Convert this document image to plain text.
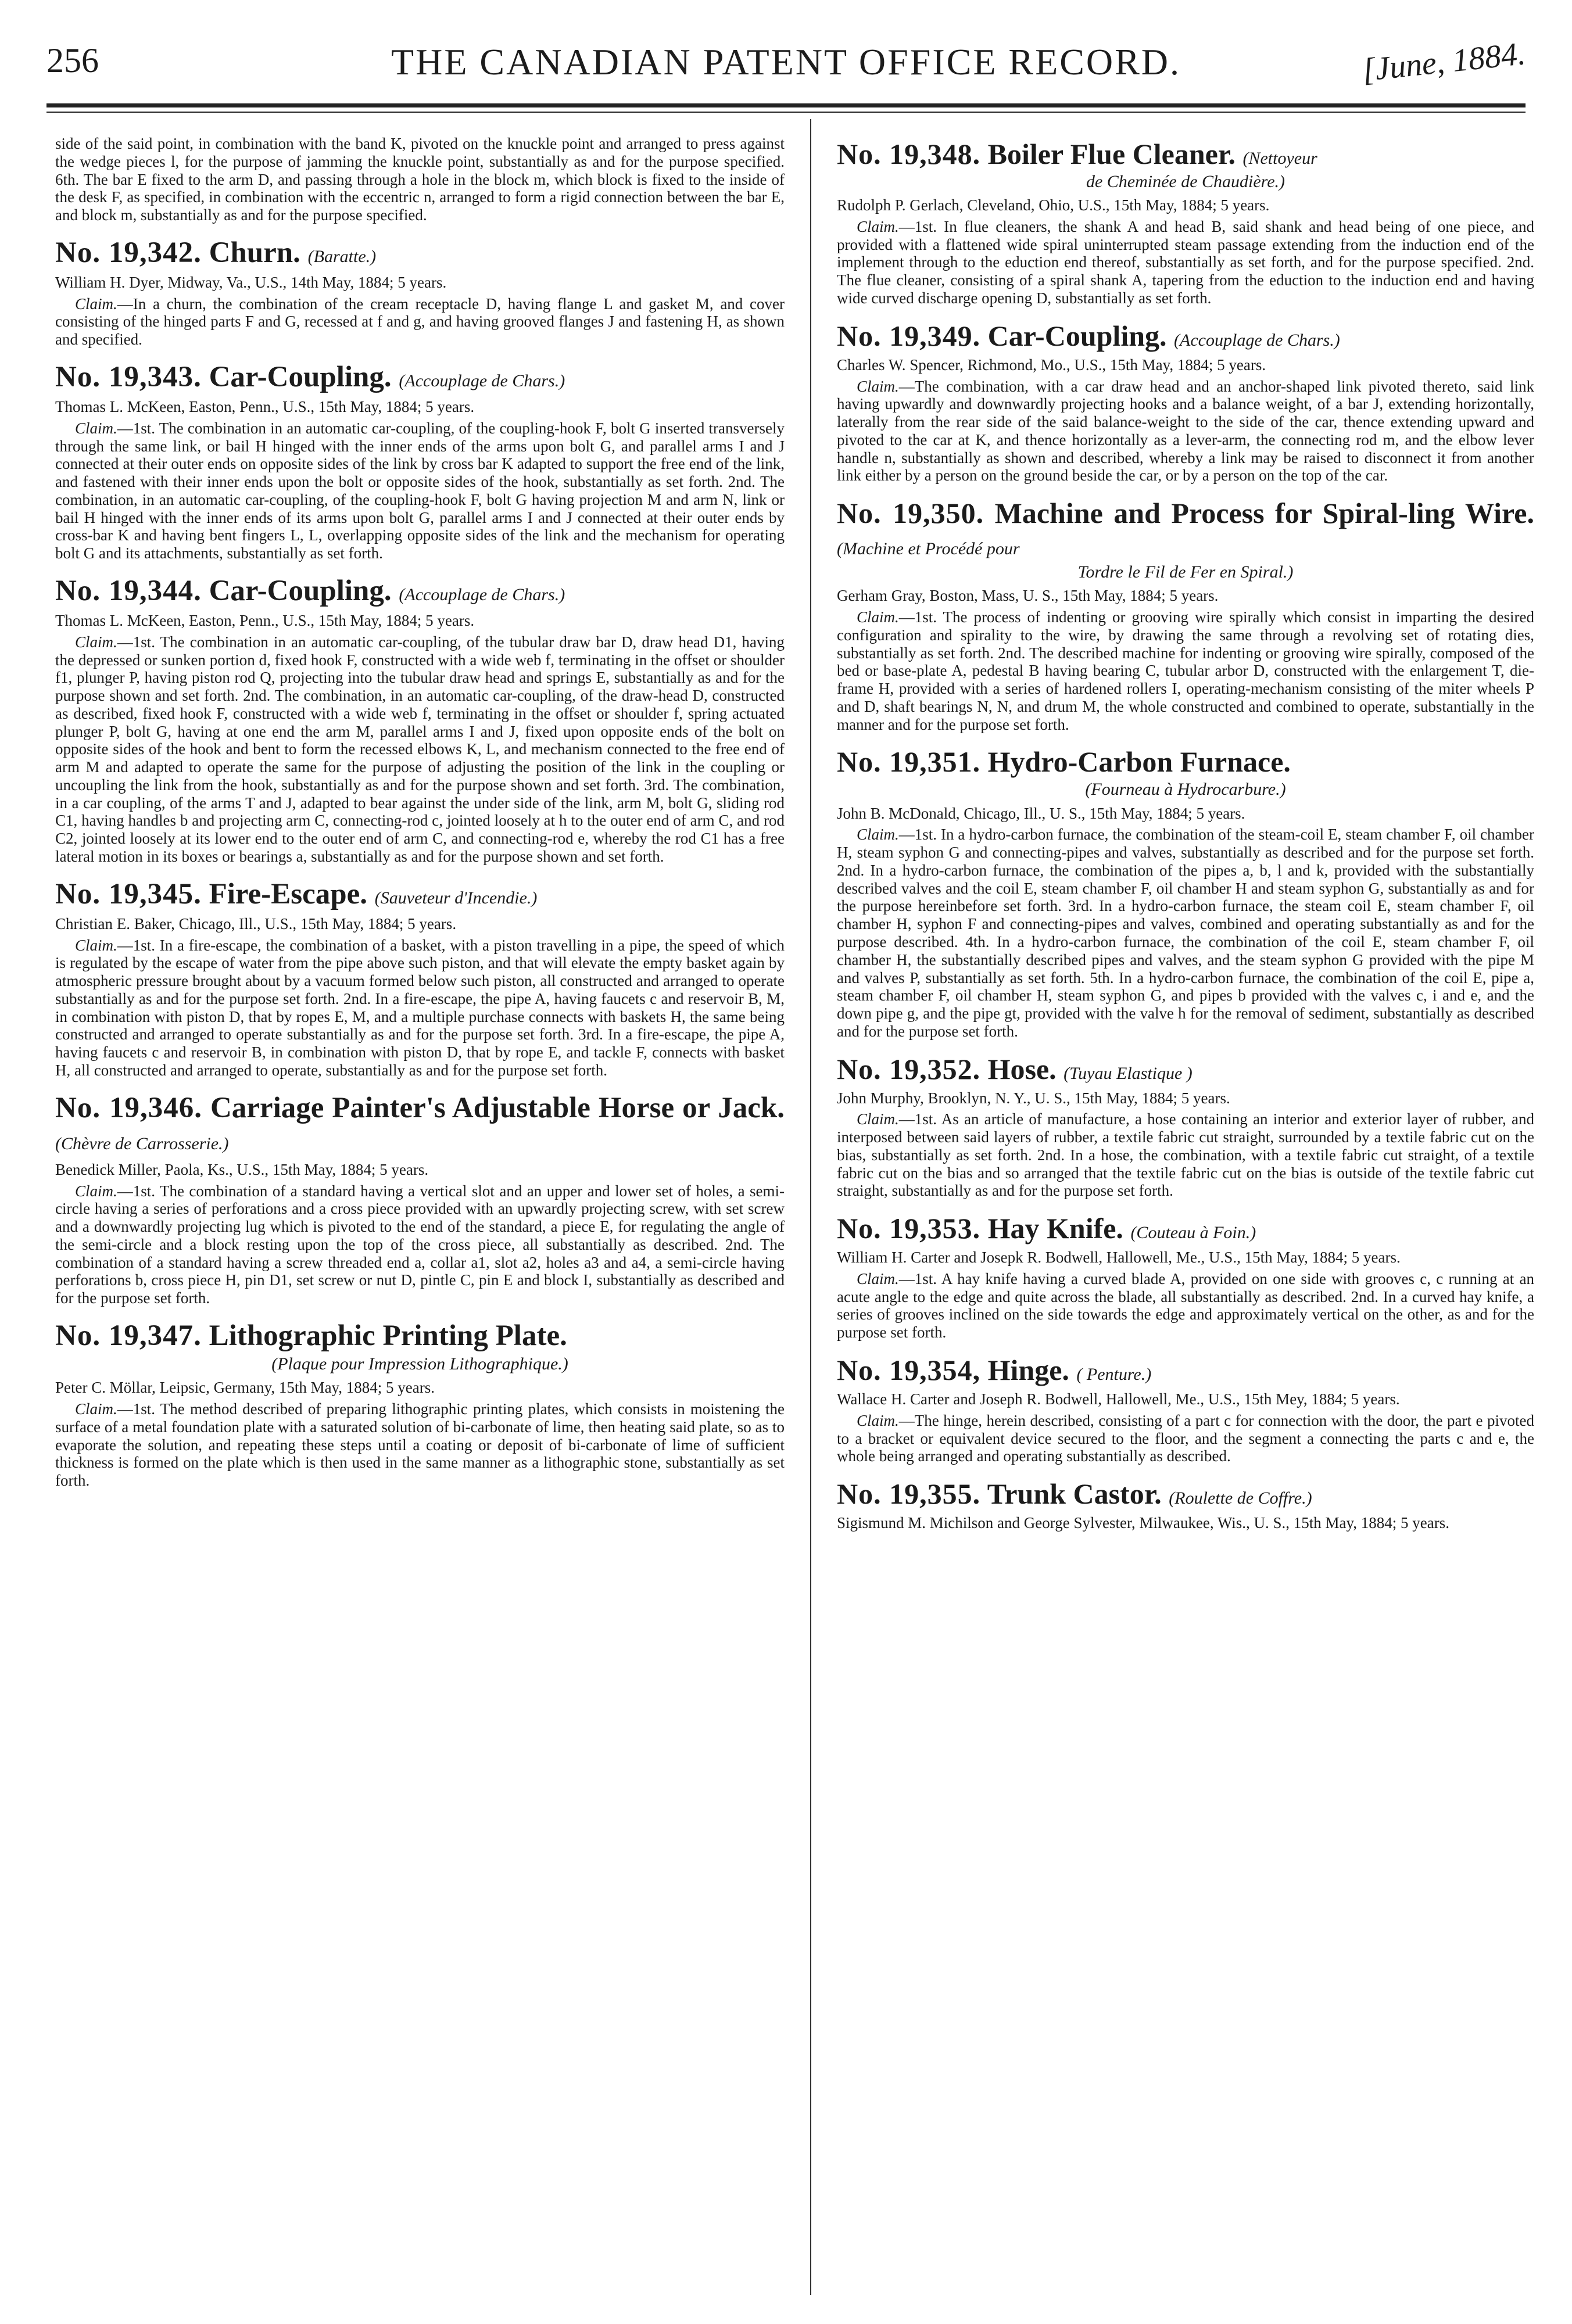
256	THE CANADIAN PATENT OFFICE RECORD.	[June, 1884.

side of the said point, in combination with the band K, pivoted on the knuckle point and arranged to press against the wedge pieces l, for the purpose of jamming the knuckle point, substantially as and for the purpose specified. 6th. The bar E fixed to the arm D, and passing through a hole in the block m, which block is fixed to the inside of the desk F, as specified, in combination with the eccentric n, arranged to form a rigid connection between the bar E, and block m, substantially as and for the purpose specified.

No. 19,342. Churn. (Baratte.)

William H. Dyer, Midway, Va., U.S., 14th May, 1884; 5 years.

Claim.—In a churn, the combination of the cream receptacle D, having flange L and gasket M, and cover consisting of the hinged parts F and G, recessed at f and g, and having grooved flanges J and fastening H, as shown and specified.

No. 19,343. Car-Coupling. (Accouplage de Chars.)

Thomas L. McKeen, Easton, Penn., U.S., 15th May, 1884; 5 years.

Claim.—1st. The combination in an automatic car-coupling, of the coupling-hook F, bolt G inserted transversely through the same link, or bail H hinged with the inner ends of the arms upon bolt G, and parallel arms I and J connected at their outer ends on opposite sides of the link by cross bar K adapted to support the free end of the link, and fastened with their inner ends upon the bolt or opposite sides of the hook, substantially as set forth. 2nd. The combination, in an automatic car-coupling, of the coupling-hook F, bolt G having projection M and arm N, link or bail H hinged with the inner ends of its arms upon bolt G, parallel arms I and J connected at their outer ends by cross-bar K and having bent fingers L, L, overlapping opposite sides of the link and the mechanism for operating bolt G and its attachments, substantially as set forth.

No. 19,344. Car-Coupling. (Accouplage de Chars.)

Thomas L. McKeen, Easton, Penn., U.S., 15th May, 1884; 5 years.

Claim.—1st. The combination in an automatic car-coupling, of the tubular draw bar D, draw head D1, having the depressed or sunken portion d, fixed hook F, constructed with a wide web f, terminating in the offset or shoulder f1, plunger P, having piston rod Q, projecting into the tubular draw head and springs E, substantially as and for the purpose shown and set forth. 2nd. The combination, in an automatic car-coupling, of the draw-head D, constructed as described, fixed hook F, constructed with a wide web f, terminating in the offset or shoulder f, spring actuated plunger P, bolt G, having at one end the arm M, parallel arms I and J, fixed upon opposite ends of the bolt on opposite sides of the hook and bent to form the recessed elbows K, L, and mechanism connected to the free end of arm M and adapted to operate the same for the purpose of adjusting the position of the link in the coupling or uncoupling the link from the hook, substantially as and for the purpose shown and set forth. 3rd. The combination, in a car coupling, of the arms T and J, adapted to bear against the under side of the link, arm M, bolt G, sliding rod C1, having handles b and projecting arm C, connecting-rod c, jointed loosely at h to the outer end of arm C, and rod C2, jointed loosely at its lower end to the outer end of arm C, and connecting-rod e, whereby the rod C1 has a free lateral motion in its boxes or bearings a, substantially as and for the purpose shown and set forth.

No. 19,345. Fire-Escape. (Sauveteur d'Incendie.)

Christian E. Baker, Chicago, Ill., U.S., 15th May, 1884; 5 years.

Claim.—1st. In a fire-escape, the combination of a basket, with a piston travelling in a pipe, the speed of which is regulated by the escape of water from the pipe above such piston, and that will elevate the empty basket again by atmospheric pressure brought about by a vacuum formed below such piston, all constructed and arranged to operate substantially as and for the purpose set forth. 2nd. In a fire-escape, the pipe A, having faucets c and reservoir B, M, in combination with piston D, that by ropes E, M, and a multiple purchase connects with baskets H, the same being constructed and arranged to operate substantially as and for the purpose set forth. 3rd. In a fire-escape, the pipe A, having faucets c and reservoir B, in combination with piston D, that by rope E, and tackle F, connects with basket H, all constructed and arranged to operate, substantially as and for the purpose set forth.

No. 19,346. Carriage Painter's Adjustable Horse or Jack. (Chèvre de Carrosserie.)

Benedick Miller, Paola, Ks., U.S., 15th May, 1884; 5 years.

Claim.—1st. The combination of a standard having a vertical slot and an upper and lower set of holes, a semi-circle having a series of perforations and a cross piece provided with an upwardly projecting screw, with set screw and a downwardly projecting lug which is pivoted to the end of the standard, a piece E, for regulating the angle of the semi-circle and a block resting upon the top of the cross piece, all substantially as described. 2nd. The combination of a standard having a screw threaded end a, collar a1, slot a2, holes a3 and a4, a semi-circle having perforations b, cross piece H, pin D1, set screw or nut D, pintle C, pin E and block I, substantially as described and for the purpose set forth.

No. 19,347. Lithographic Printing Plate.
(Plaque pour Impression Lithographique.)

Peter C. Möllar, Leipsic, Germany, 15th May, 1884; 5 years.

Claim.—1st. The method described of preparing lithographic printing plates, which consists in moistening the surface of a metal foundation plate with a saturated solution of bi-carbonate of lime, then heating said plate, so as to evaporate the solution, and repeating these steps until a coating or deposit of bi-carbonate of lime of sufficient thickness is formed on the plate which is then used in the same manner as a lithographic stone, substantially as set forth.

No. 19,348. Boiler Flue Cleaner. (Nettoyeur
de Cheminée de Chaudière.)

Rudolph P. Gerlach, Cleveland, Ohio, U.S., 15th May, 1884; 5 years.

Claim.—1st. In flue cleaners, the shank A and head B, said shank and head being of one piece, and provided with a flattened wide spiral uninterrupted steam passage extending from the induction end of the implement through to the eduction end thereof, substantially as set forth, and for the purpose specified. 2nd. The flue cleaner, consisting of a spiral shank A, tapering from the eduction to the induction end and having wide curved discharge opening D, substantially as set forth.

No. 19,349. Car-Coupling. (Accouplage de Chars.)

Charles W. Spencer, Richmond, Mo., U.S., 15th May, 1884; 5 years.

Claim.—The combination, with a car draw head and an anchor-shaped link pivoted thereto, said link having upwardly and downwardly projecting hooks and a balance weight, of a bar J, extending horizontally, laterally from the rear side of the said balance-weight to the side of the car, thence extending upward and pivoted to the car at K, and thence horizontally as a lever-arm, the connecting rod m, and the elbow lever handle n, substantially as shown and described, whereby a link may be raised to disconnect it from another link either by a person on the ground beside the car, or by a person on the top of the car.

No. 19,350. Machine and Process for Spiral-ling Wire. (Machine et Procédé pour
Tordre le Fil de Fer en Spiral.)

Gerham Gray, Boston, Mass, U. S., 15th May, 1884; 5 years.

Claim.—1st. The process of indenting or grooving wire spirally which consist in imparting the desired configuration and spirality to the wire, by drawing the same through a revolving set of rotating dies, substantially as set forth. 2nd. The described machine for indenting or grooving wire spirally, composed of the bed or base-plate A, pedestal B having bearing C, tubular arbor D, constructed with the enlargement T, die-frame H, provided with a series of hardened rollers I, operating-mechanism consisting of the miter wheels P and D, shaft bearings N, N, and drum M, the whole constructed and combined to operate, substantially in the manner and for the purpose set forth.

No. 19,351. Hydro-Carbon Furnace.
(Fourneau à Hydrocarbure.)

John B. McDonald, Chicago, Ill., U. S., 15th May, 1884; 5 years.

Claim.—1st. In a hydro-carbon furnace, the combination of the steam-coil E, steam chamber F, oil chamber H, steam syphon G and connecting-pipes and valves, substantially as described and for the purpose set forth. 2nd. In a hydro-carbon furnace, the combination of the pipes a, b, l and k, provided with the substantially described valves and the coil E, steam chamber F, oil chamber H and steam syphon G, substantially as and for the purpose hereinbefore set forth. 3rd. In a hydro-carbon furnace, the steam coil E, steam chamber F, oil chamber H, syphon F and connecting-pipes and valves, combined and operating substantially as and for the purpose described. 4th. In a hydro-carbon furnace, the combination of the coil E, steam chamber F, oil chamber H, the substantially described pipes and valves, and the steam syphon G provided with the pipe M and valves P, substantially as set forth. 5th. In a hydro-carbon furnace, the combination of the coil E, pipe a, steam chamber F, oil chamber H, steam syphon G, and pipes b provided with the valves c, i and e, and the down pipe g, and the pipe gt, provided with the valve h for the removal of sediment, substantially as described and for the purpose set forth.

No. 19,352. Hose. (Tuyau Elastique )

John Murphy, Brooklyn, N. Y., U. S., 15th May, 1884; 5 years.

Claim.—1st. As an article of manufacture, a hose containing an interior and exterior layer of rubber, and interposed between said layers of rubber, a textile fabric cut straight, surrounded by a textile fabric cut on the bias, substantially as set forth. 2nd. In a hose, the combination, with a textile fabric cut straight, of a textile fabric cut on the bias and so arranged that the textile fabric cut on the bias is outside of the textile fabric cut straight, substantially as and for the purpose set forth.

No. 19,353. Hay Knife. (Couteau à Foin.)

William H. Carter and Josepk R. Bodwell, Hallowell, Me., U.S., 15th May, 1884; 5 years.

Claim.—1st. A hay knife having a curved blade A, provided on one side with grooves c, c running at an acute angle to the edge and quite across the blade, all substantially as described. 2nd. In a curved hay knife, a series of grooves inclined on the side towards the edge and approximately vertical on the other, as and for the purpose set forth.

No. 19,354, Hinge. ( Penture.)

Wallace H. Carter and Joseph R. Bodwell, Hallowell, Me., U.S., 15th Mey, 1884; 5 years.

Claim.—The hinge, herein described, consisting of a part c for connection with the door, the part e pivoted to a bracket or equivalent device secured to the floor, and the segment a connecting the parts c and e, the whole being arranged and operating substantially as described.

No. 19,355. Trunk Castor. (Roulette de Coffre.)

Sigismund M. Michilson and George Sylvester, Milwaukee, Wis., U. S., 15th May, 1884; 5 years.
